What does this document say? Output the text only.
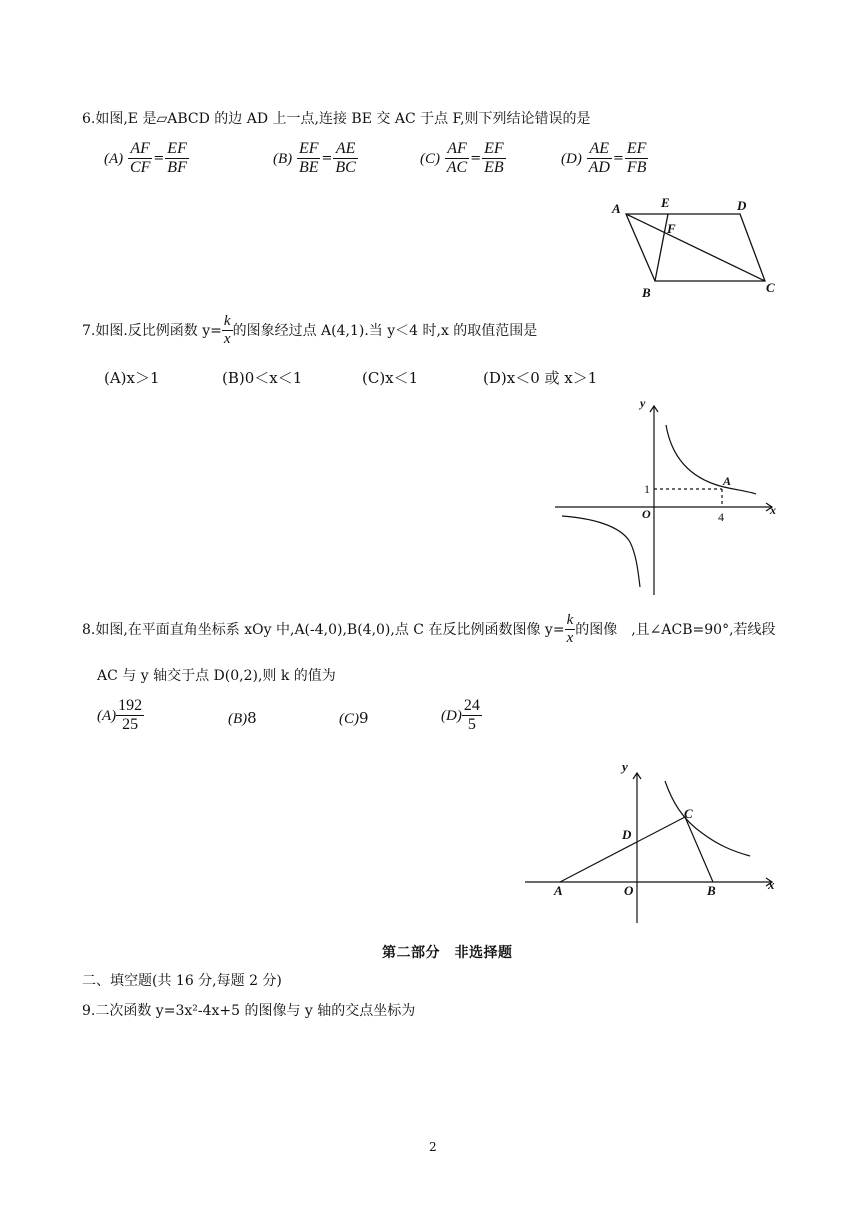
6.如图,E 是▱ABCD 的边 AD 上一点,连接 BE 交 AC 于点 F,则下列结论错误的是
$(A) \frac{AF}{CF} = \frac{EF}{BF}$	$(B) \frac{EF}{BE} = \frac{AE}{BC}$	$(C) \frac{AF}{AC} = \frac{EF}{EB}$	$(D) \frac{AE}{AD} = \frac{EF}{FB}$
A	E	D
F
B	C
7.如图.反比例函数 $y= \frac{k}{x}$ 的图象经过点 A(4,1).当 y＜4 时,x 的取值范围是
(A)x＞1	(B)0＜x＜1	(C)x＜1	(D)x＜0 或 x＞1
y
x
O
A
1
4
8.如图,在平面直角坐标系 xOy 中,A(-4,0),B(4,0),点 C 在反比例函数图像 $y= \frac{k}{x}$ 的图像　,且∠ACB=90°,若线段
AC 与 y 轴交于点 D(0,2),则 k 的值为
$(A) \frac{192}{25}$	(B)8	(C)9	$(D) \frac{24}{5}$
y
x
O
A	B
C
D
第二部分　非选择题
二、填空题(共 16 分,每题 2 分)
9.二次函数 y=3x²-4x+5 的图像与 y 轴的交点坐标为
2
